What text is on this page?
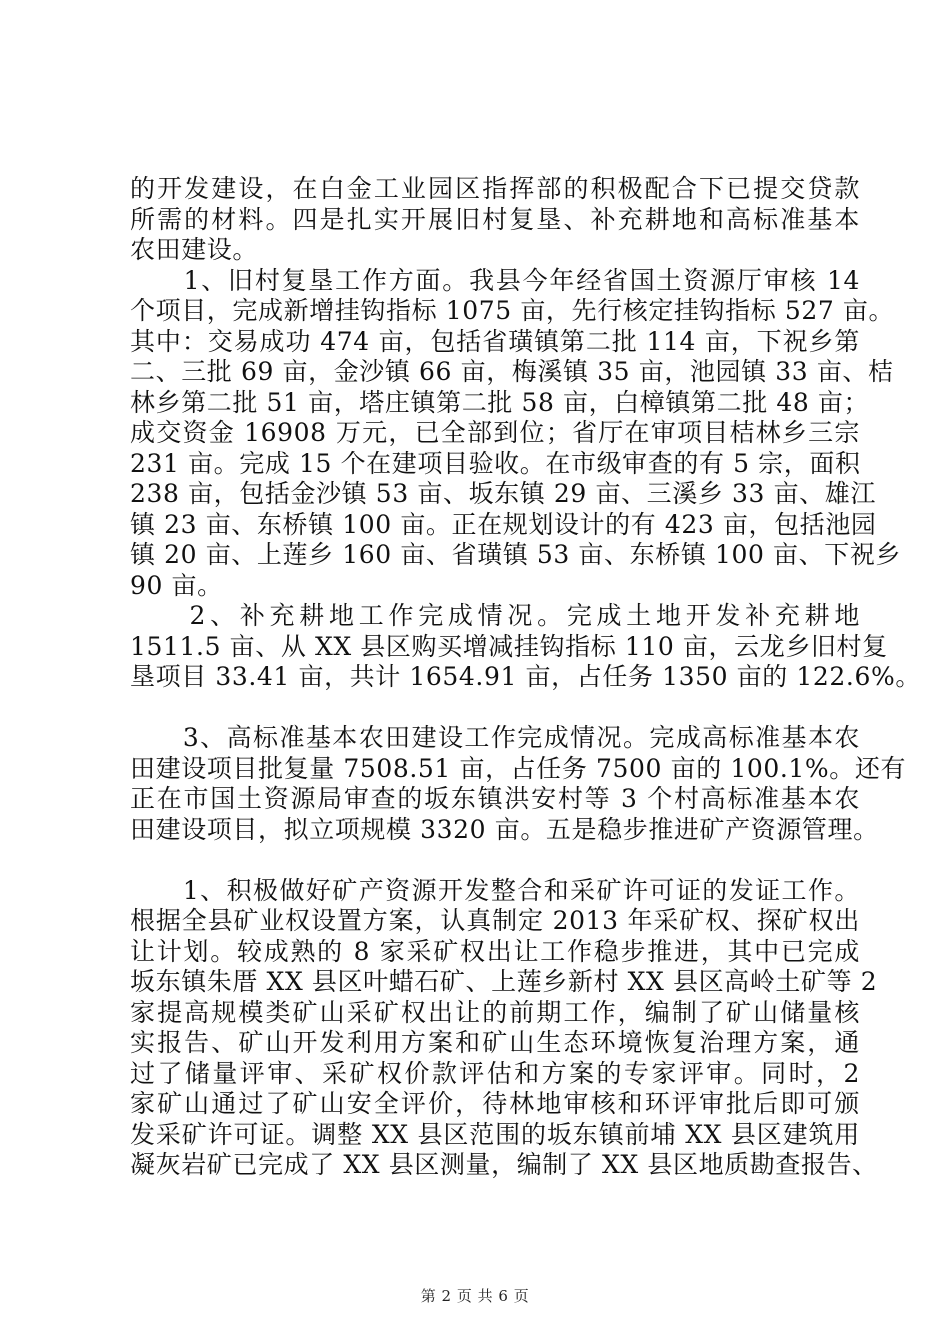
的开发建设，在白金工业园区指挥部的积极配合下已提交贷款
所需的材料。四是扎实开展旧村复垦、补充耕地和高标准基本
农田建设。
　　1、旧村复垦工作方面。我县今年经省国土资源厅审核 14
个项目，完成新增挂钩指标 1075 亩，先行核定挂钩指标 527 亩。
其中：交易成功 474 亩，包括省璜镇第二批 114 亩，下祝乡第
二、三批 69 亩，金沙镇 66 亩，梅溪镇 35 亩，池园镇 33 亩、桔
林乡第二批 51 亩，塔庄镇第二批 58 亩，白樟镇第二批 48 亩；
成交资金 16908 万元，已全部到位；省厅在审项目桔林乡三宗
231 亩。完成 15 个在建项目验收。在市级审查的有 5 宗，面积
238 亩，包括金沙镇 53 亩、坂东镇 29 亩、三溪乡 33 亩、雄江
镇 23 亩、东桥镇 100 亩。正在规划设计的有 423 亩，包括池园
镇 20 亩、上莲乡 160 亩、省璜镇 53 亩、东桥镇 100 亩、下祝乡
90 亩。
　　2、补充耕地工作完成情况。完成土地开发补充耕地
1511.5 亩、从 XX 县区购买增减挂钩指标 110 亩，云龙乡旧村复
垦项目 33.41 亩，共计 1654.91 亩，占任务 1350 亩的 122.6%。
　　3、高标准基本农田建设工作完成情况。完成高标准基本农
田建设项目批复量 7508.51 亩，占任务 7500 亩的 100.1%。还有
正在市国土资源局审查的坂东镇洪安村等 3 个村高标准基本农
田建设项目，拟立项规模 3320 亩。五是稳步推进矿产资源管理。
　　1、积极做好矿产资源开发整合和采矿许可证的发证工作。
根据全县矿业权设置方案，认真制定 2013 年采矿权、探矿权出
让计划。较成熟的 8 家采矿权出让工作稳步推进，其中已完成
坂东镇朱厝 XX 县区叶蜡石矿、上莲乡新村 XX 县区高岭土矿等 2
家提高规模类矿山采矿权出让的前期工作，编制了矿山储量核
实报告、矿山开发利用方案和矿山生态环境恢复治理方案，通
过了储量评审、采矿权价款评估和方案的专家评审。同时，2
家矿山通过了矿山安全评价，待林地审核和环评审批后即可颁
发采矿许可证。调整 XX 县区范围的坂东镇前埔 XX 县区建筑用
凝灰岩矿已完成了 XX 县区测量，编制了 XX 县区地质勘查报告、
第 2 页 共 6 页
